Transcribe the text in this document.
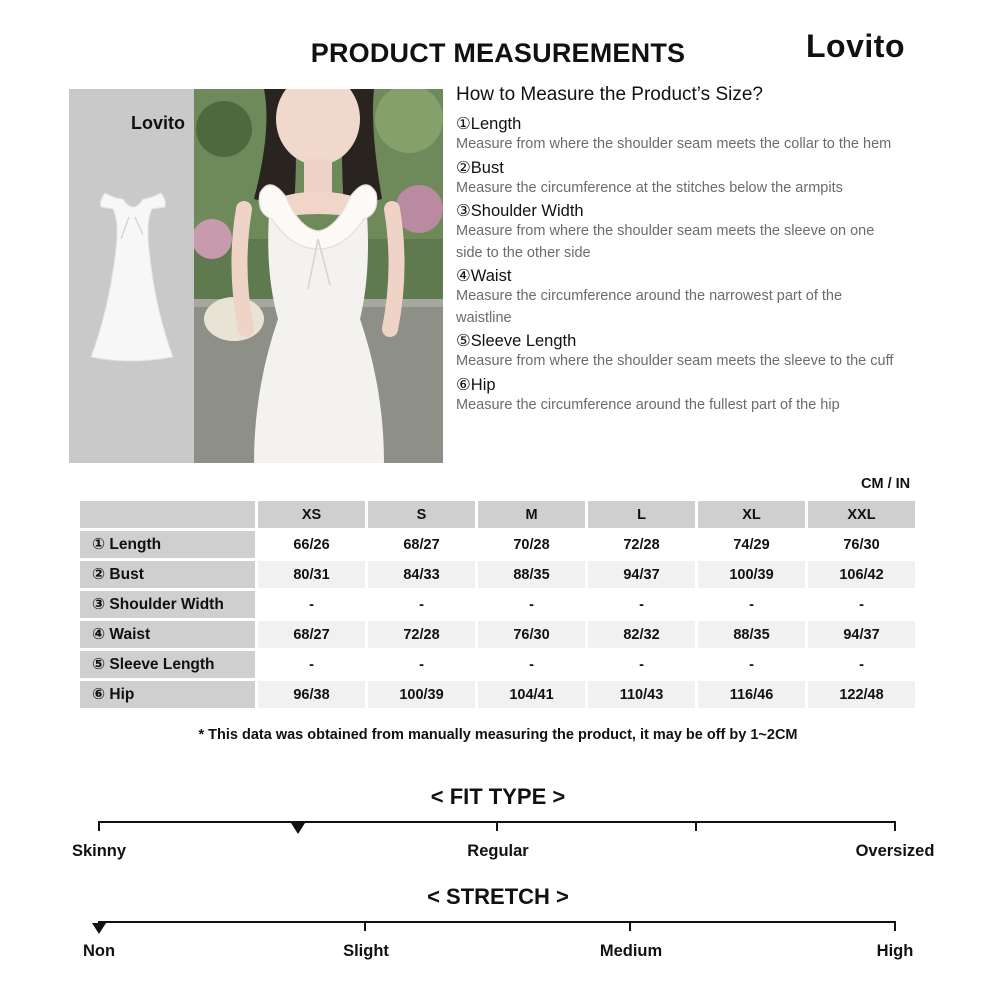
PRODUCT MEASUREMENTS	Lovito
Lovito
How to Measure the Product’s Size?
①Length
Measure from where the shoulder seam meets the collar to the hem
②Bust
Measure the circumference at the stitches below the armpits
③Shoulder Width
Measure from where the shoulder seam meets the sleeve on one side to the other side
④Waist
Measure the circumference around the narrowest part of the waistline
⑤Sleeve Length
Measure from where the shoulder seam meets the sleeve to the cuff
⑥Hip
Measure the circumference around the fullest part of the hip
CM / IN
	XS	S	M	L	XL	XXL
① Length	66/26	68/27	70/28	72/28	74/29	76/30
② Bust	80/31	84/33	88/35	94/37	100/39	106/42
③ Shoulder Width	-	-	-	-	-	-
④ Waist	68/27	72/28	76/30	82/32	88/35	94/37
⑤ Sleeve Length	-	-	-	-	-	-
⑥ Hip	96/38	100/39	104/41	110/43	116/46	122/48
* This data was obtained from manually measuring the product, it may be off by 1~2CM
< FIT TYPE >
Skinny	Regular	Oversized
< STRETCH >
Non	Slight	Medium	High
